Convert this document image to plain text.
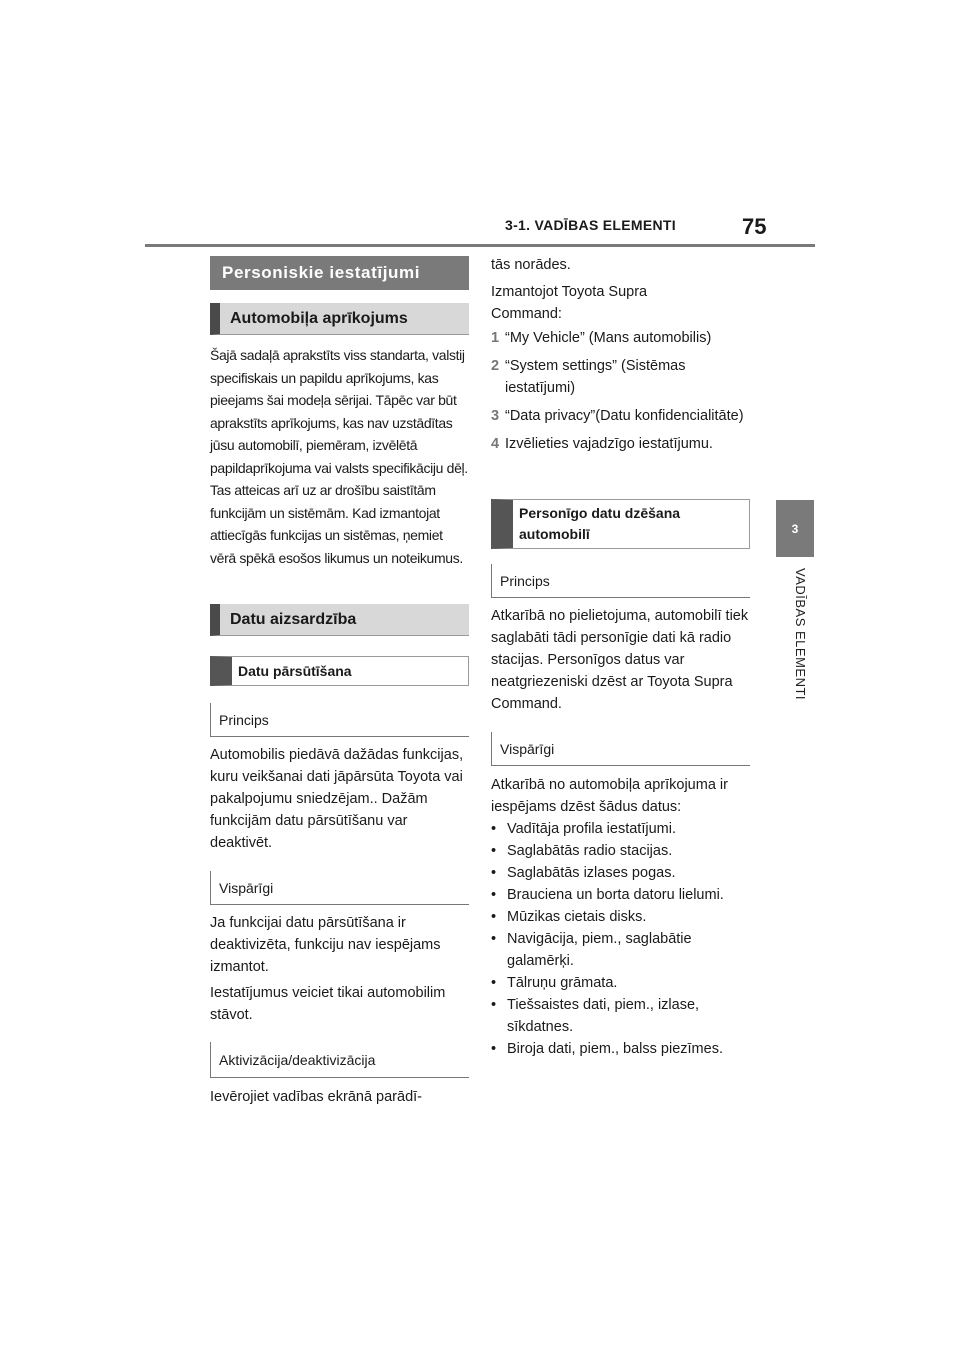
3-1. VADĪBAS ELEMENTI	75
3
VADĪBAS ELEMENTI
Personiskie iestatījumi
Automobiļa aprīkojums
Šajā sadaļā aprakstīts viss standarta, valstij specifiskais un papildu aprīkojums, kas pieejams šai modeļa sērijai. Tāpēc var būt aprakstīts aprīkojums, kas nav uzstādītas jūsu automobilī, piemēram, izvēlētā papildaprīkojuma vai valsts specifikāciju dēļ. Tas atteicas arī uz ar drošību saistītām funkcijām un sistēmām. Kad izmantojat attiecīgās funkcijas un sistēmas, ņemiet vērā spēkā esošos likumus un noteikumus.
Datu aizsardzība
Datu pārsūtīšana
Princips
Automobilis piedāvā dažādas funkcijas, kuru veikšanai dati jāpārsūta Toyota vai pakalpojumu sniedzējam.. Dažām funkcijām datu pārsūtīšanu var deaktivēt.
Vispārīgi
Ja funkcijai datu pārsūtīšana ir deaktivizēta, funkciju nav iespējams izmantot.
Iestatījumus veiciet tikai automobilim stāvot.
Aktivizācija/deaktivizācija
Ievērojiet vadības ekrānā parādī-
tās norādes.
Izmantojot Toyota Supra Command:
1 “My Vehicle” (Mans automobilis)
2 “System settings” (Sistēmas iestatījumi)
3 “Data privacy”(Datu konfidencialitāte)
4 Izvēlieties vajadzīgo iestatījumu.
Personīgo datu dzēšana automobilī
Princips
Atkarībā no pielietojuma, automobilī tiek saglabāti tādi personīgie dati kā radio stacijas. Personīgos datus var neatgriezeniski dzēst ar Toyota Supra Command.
Vispārīgi
Atkarībā no automobiļa aprīkojuma ir iespējams dzēst šādus datus:
• Vadītāja profila iestatījumi.
• Saglabātās radio stacijas.
• Saglabātās izlases pogas.
• Brauciena un borta datoru lielumi.
• Mūzikas cietais disks.
• Navigācija, piem., saglabātie galamērķi.
• Tālruņu grāmata.
• Tiešsaistes dati, piem., izlase, sīkdatnes.
• Biroja dati, piem., balss piezīmes.
